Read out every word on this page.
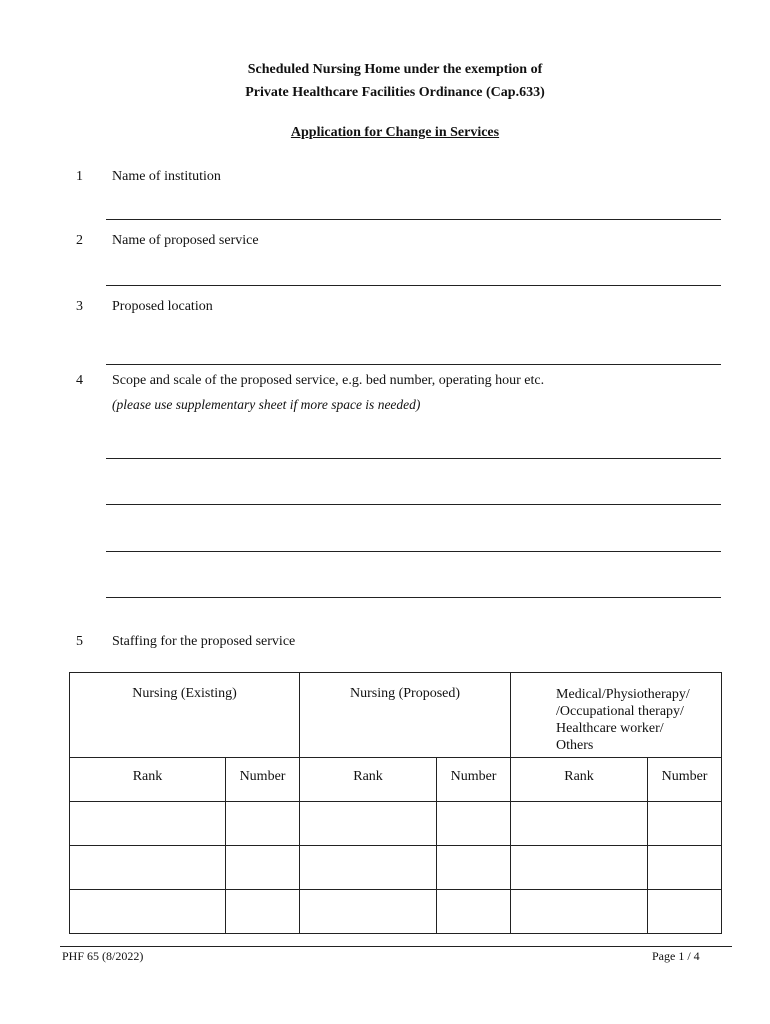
Scheduled Nursing Home under the exemption of
Private Healthcare Facilities Ordinance (Cap.633)
Application for Change in Services
1 Name of institution
2 Name of proposed service
3 Proposed location
4 Scope and scale of the proposed service, e.g. bed number, operating hour etc.
(please use supplementary sheet if more space is needed)
5 Staffing for the proposed service
Nursing (Existing)		Nursing (Proposed)		Medical/Physiotherapy/
/Occupational therapy/
Healthcare worker/
Others	

Rank	Number	Rank	Number	Rank	Number

PHF 65 (8/2022)	Page 1 / 4
